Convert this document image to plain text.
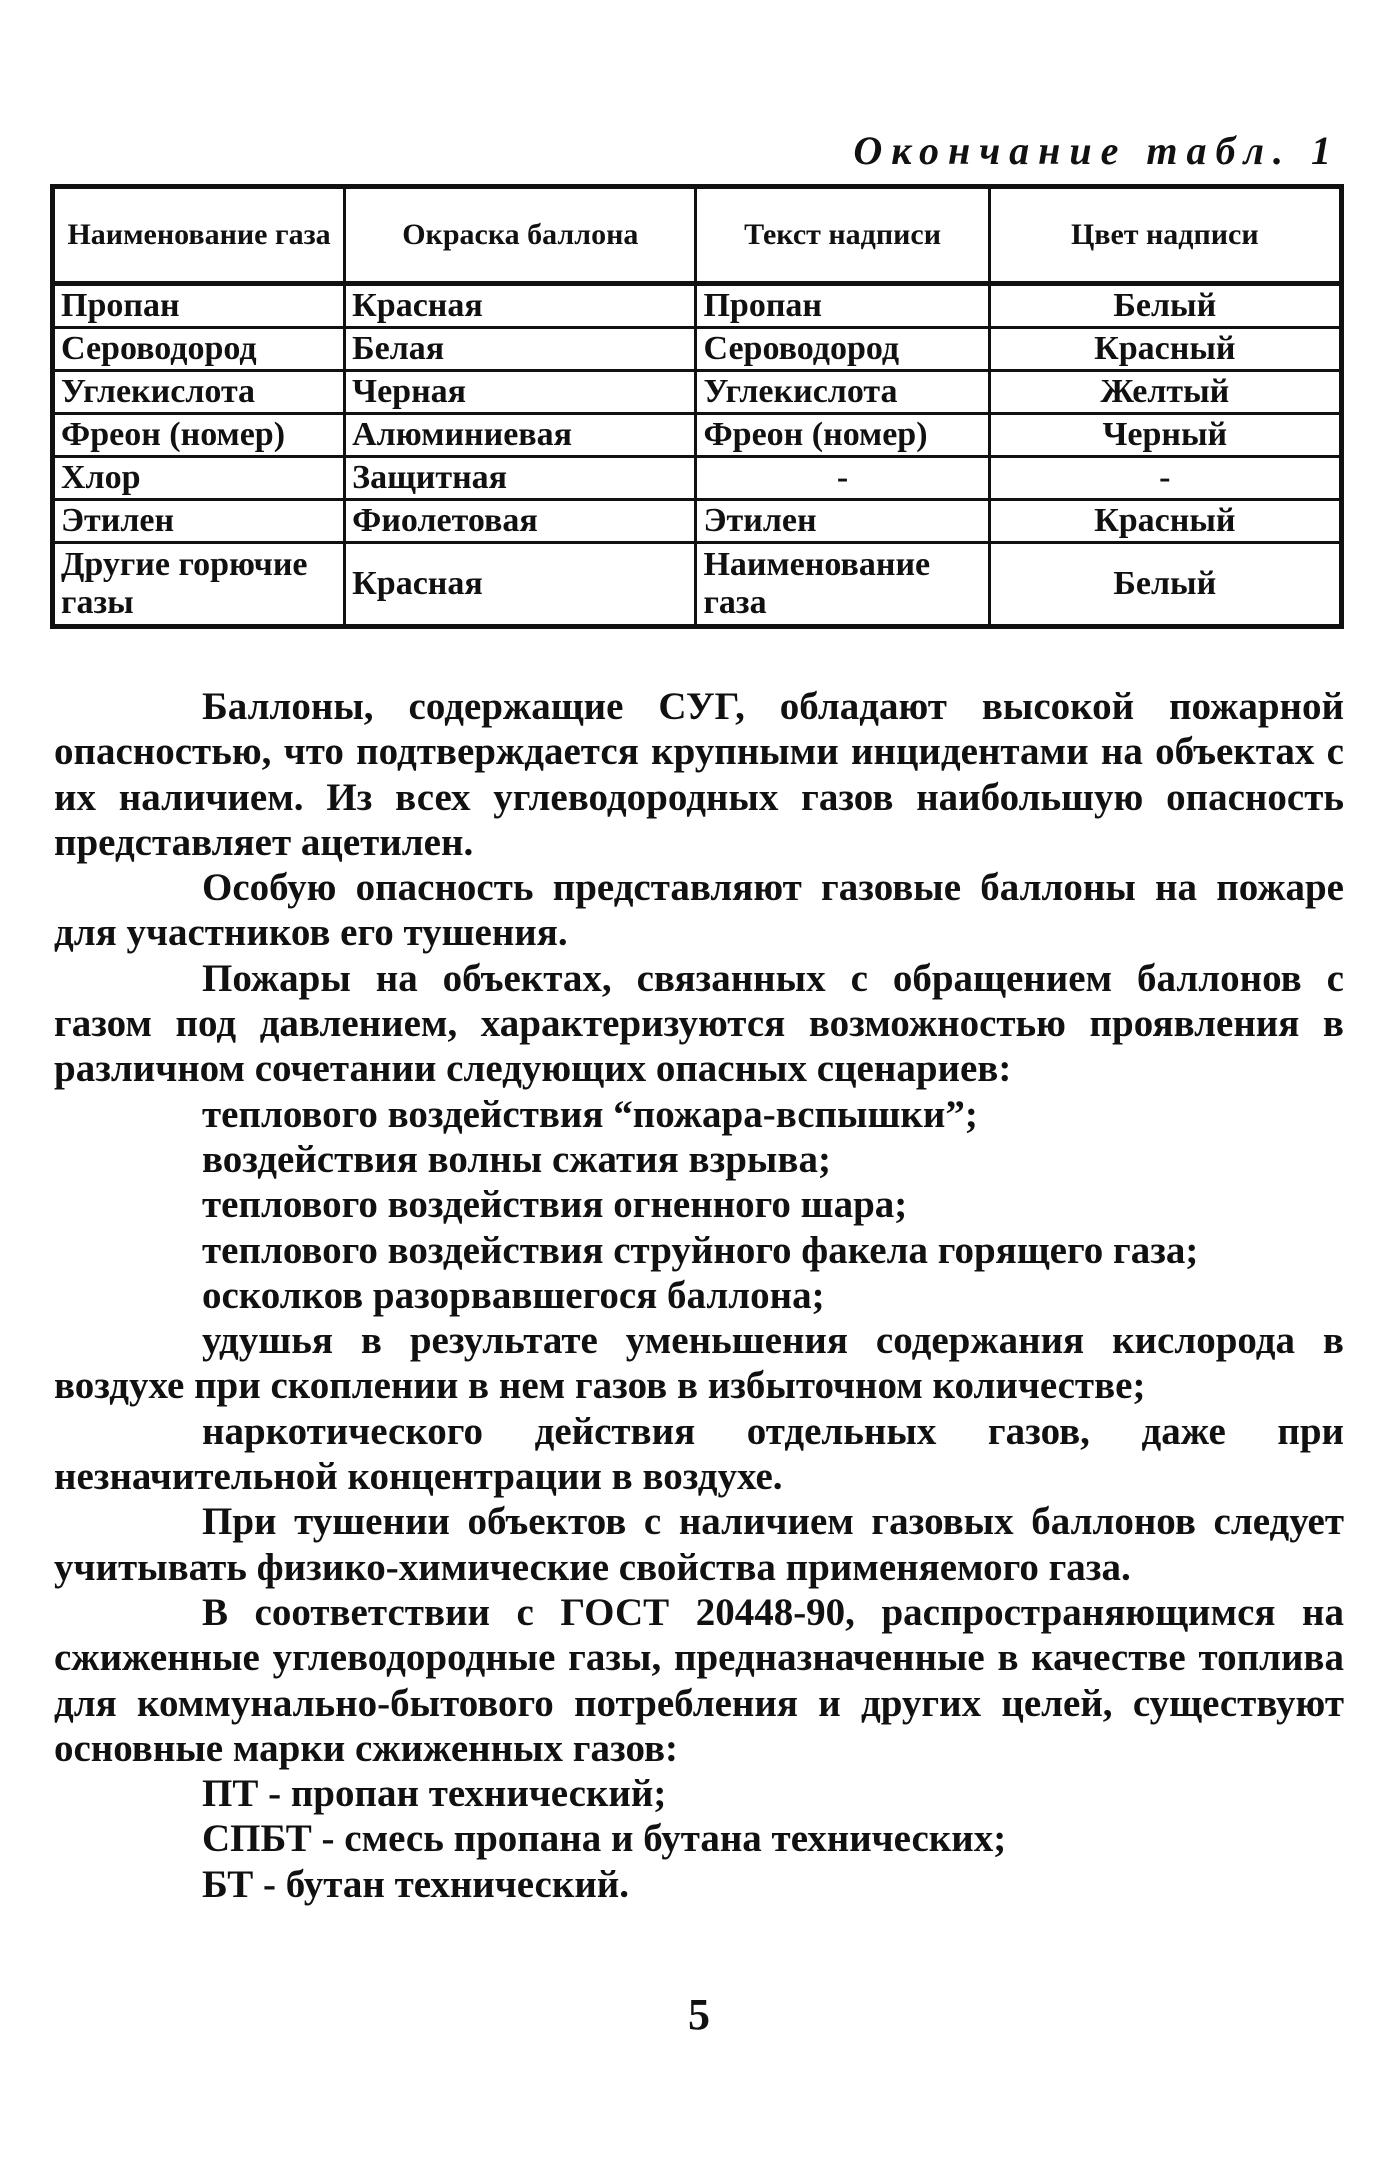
Окончание табл. 1
Наименование газа	Окраска баллона	Текст надписи	Цвет надписи
Пропан	Красная	Пропан	Белый
Сероводород	Белая	Сероводород	Красный
Углекислота	Черная	Углекислота	Желтый
Фреон (номер)	Алюминиевая	Фреон (номер)	Черный
Хлор	Защитная	-	-
Этилен	Фиолетовая	Этилен	Красный
Другие горючие газы	Красная	Наименование газа	Белый

Баллоны, содержащие СУГ, обладают высокой пожарной опасностью, что подтверждается крупными инцидентами на объектах с их наличием. Из всех углеводородных газов наибольшую опасность представляет ацетилен.

Особую опасность представляют газовые баллоны на пожаре для участников его тушения.

Пожары на объектах, связанных с обращением баллонов с газом под давлением, характеризуются возможностью проявления в различном сочетании следующих опасных сценариев:

теплового воздействия “пожара-вспышки”;

воздействия волны сжатия взрыва;

теплового воздействия огненного шара;

теплового воздействия струйного факела горящего газа;

осколков разорвавшегося баллона;

удушья в результате уменьшения содержания кислорода в воздухе при скоплении в нем газов в избыточном количестве;

наркотического действия отдельных газов, даже при незначительной концентрации в воздухе.

При тушении объектов с наличием газовых баллонов следует учитывать физико-химические свойства применяемого газа.

В соответствии с ГОСТ 20448-90, распространяющимся на сжиженные углеводородные газы, предназначенные в качестве топлива для коммунально-бытового потребления и других целей, существуют основные марки сжиженных газов:

ПТ - пропан технический;

СПБТ - смесь пропана и бутана технических;

БТ - бутан технический.

5
